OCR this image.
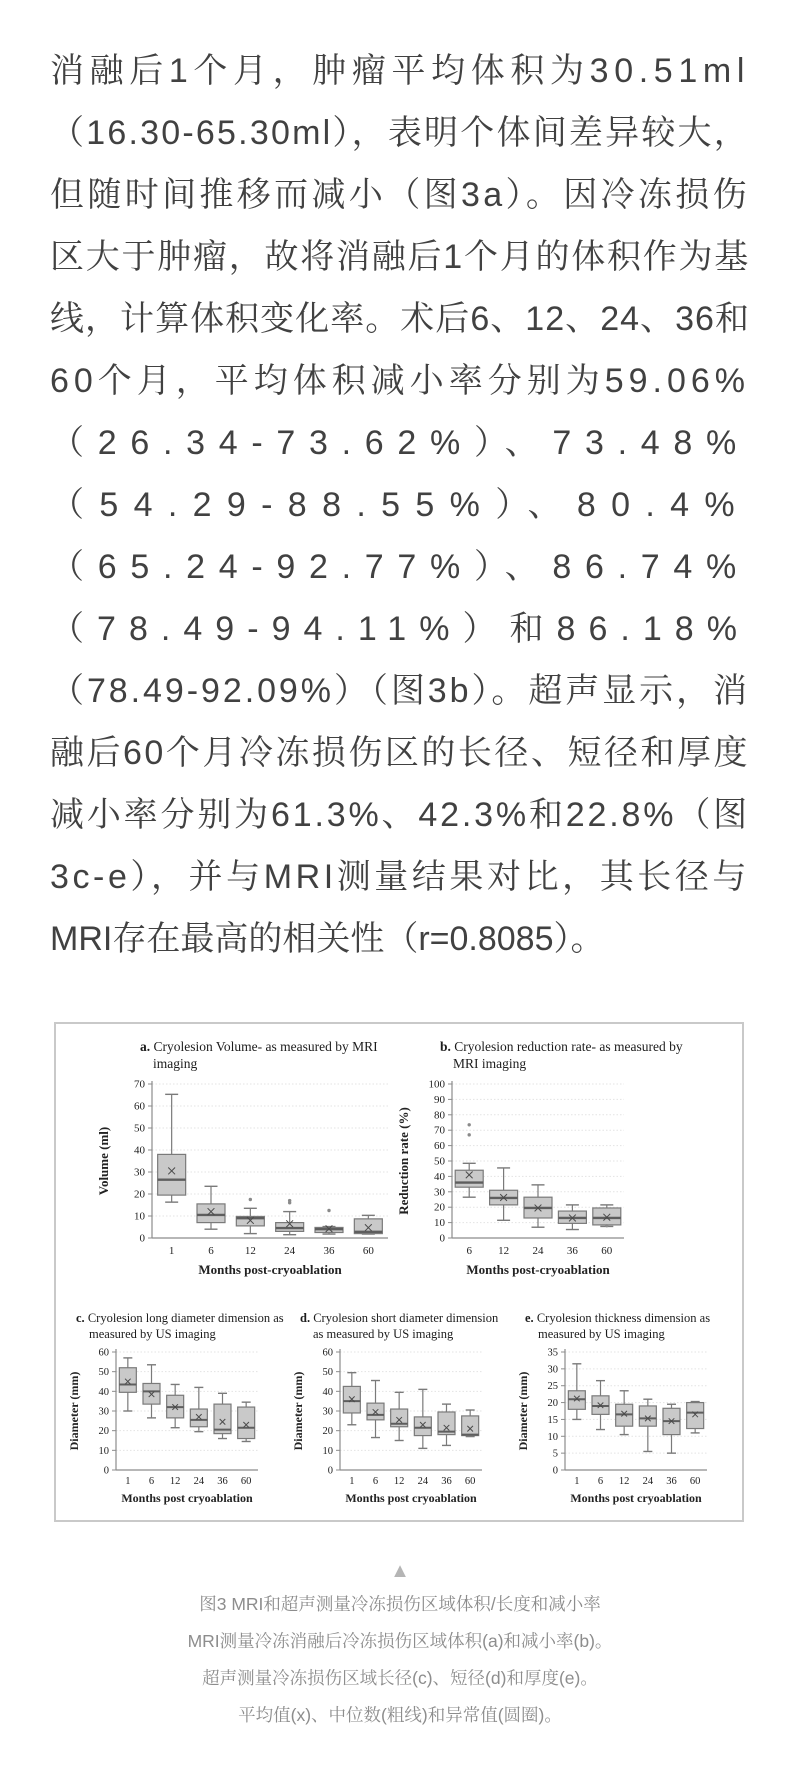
消融后1个月，肿瘤平均体积为30.51ml
（16.30-65.30ml），表明个体间差异较大，
但随时间推移而减小（图3a）。因冷冻损伤
区大于肿瘤，故将消融后1个月的体积作为基
线，计算体积变化率。术后6、12、24、36和
60个月，平均体积减小率分别为59.06%
（26.34-73.62%）、73.48%
（54.29-88.55%）、80.4%
（65.24-92.77%）、86.74%
（78.49-94.11%）和86.18%
（78.49-92.09%）（图3b）。超声显示，消
融后60个月冷冻损伤区的长径、短径和厚度
减小率分别为61.3%、42.3%和22.8%（图
3c-e），并与MRI测量结果对比，其长径与
MRI存在最高的相关性（r=0.8085）。
a. Cryolesion Volume- as measured by MRI imaging
0
10
20
30
40
50
60
70
1	6	12	24	36	60
Months post-cryoablation
Volume (ml)
b. Cryolesion reduction rate- as measured by MRI imaging
0
10
20
30
40
50
60
70
80
90
100
6 12 24 36 60
Months post-cryoablation
Reduction rate (%)
c. Cryolesion long diameter dimension as measured by US imaging
0
10
20
30
40
50
60
1 6 12 24 36 60
Months post cryoablation
Diameter (mm)
d. Cryolesion short diameter dimension as measured by US imaging
0
10
20
30
40
50
60
1 6 12 24 36 60
Months post cryoablation
Diameter (mm)
e. Cryolesion thickness dimension as measured by US imaging
0
5
10
15
20
25
30
35
1 6 12 24 36 60
Months post cryoablation
Diameter (mm)
▲
图3 MRI和超声测量冷冻损伤区域体积/长度和减小率
MRI测量冷冻消融后冷冻损伤区域体积(a)和减小率(b)。
超声测量冷冻损伤区域长径(c)、短径(d)和厚度(e)。
平均值(x)、中位数(粗线)和异常值(圆圈)。
